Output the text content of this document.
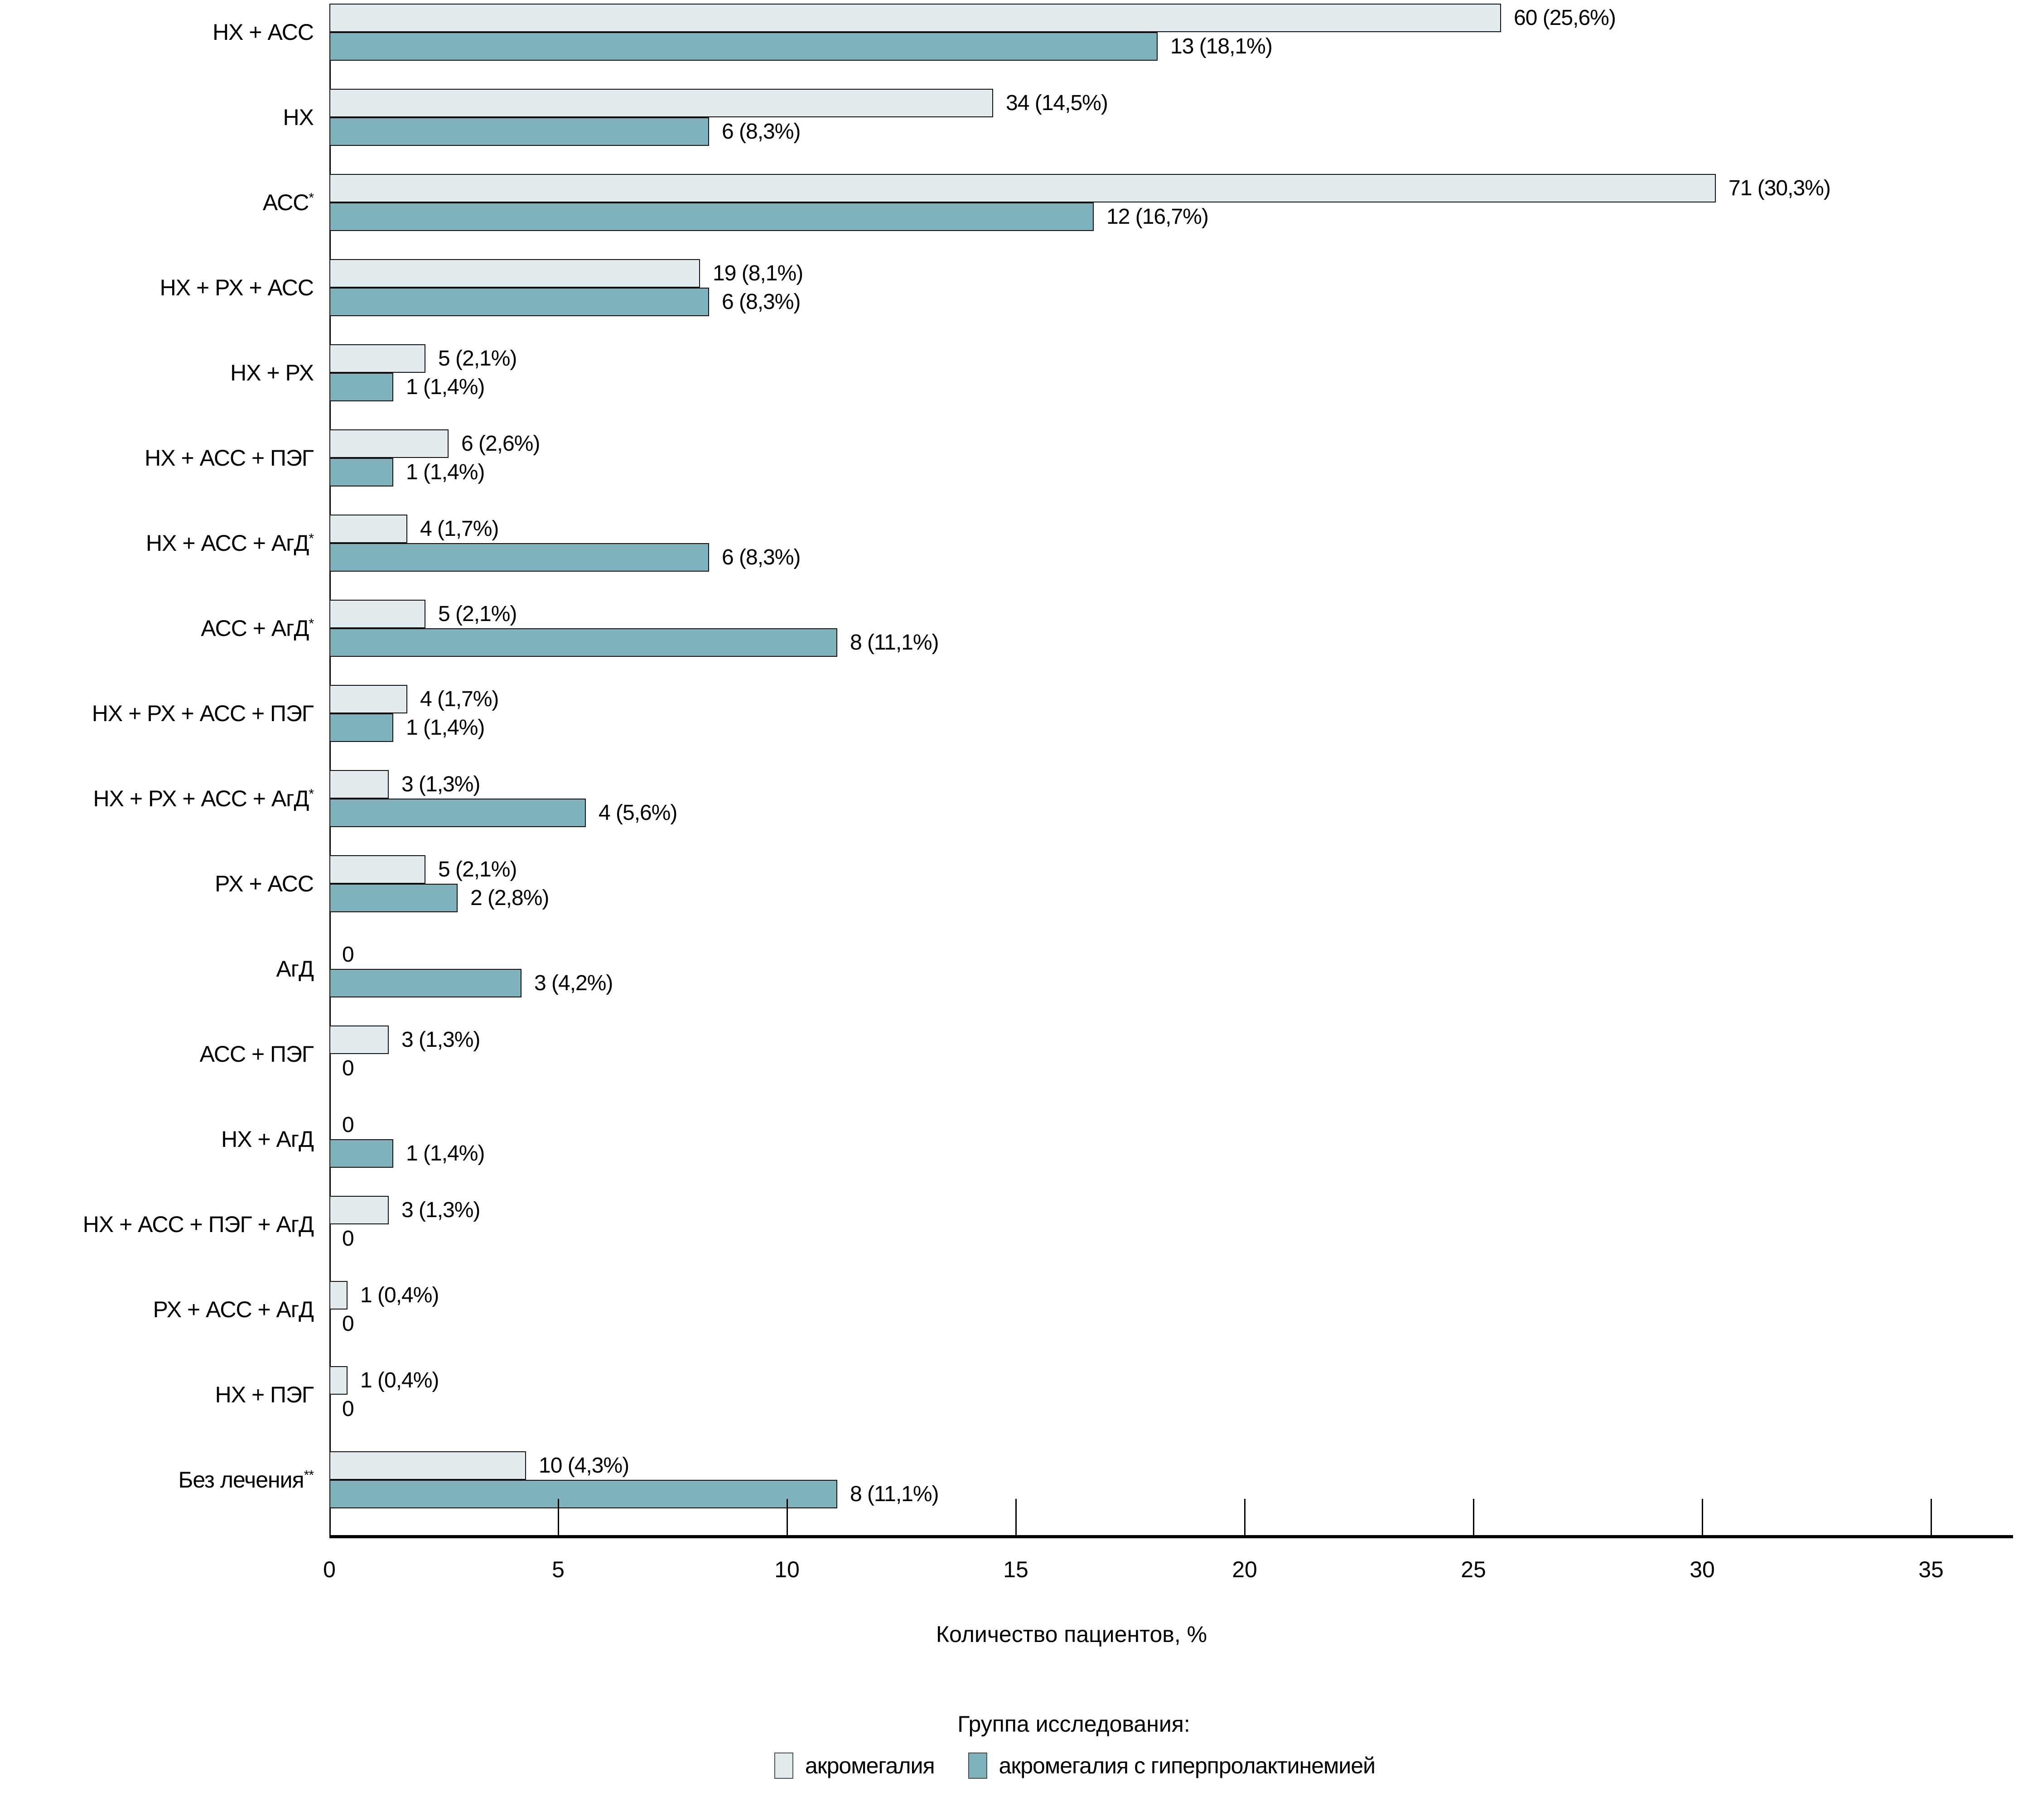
60 (25,6%)
13 (18,1%)
34 (14,5%)
6 (8,3%)
71 (30,3%)
12 (16,7%)
19 (8,1%)
6 (8,3%)
5 (2,1%)
1 (1,4%)
6 (2,6%)
1 (1,4%)
4 (1,7%)
6 (8,3%)
5 (2,1%)
8 (11,1%)
4 (1,7%)
1 (1,4%)
3 (1,3%)
4 (5,6%)
5 (2,1%)
2 (2,8%)
0
3 (4,2%)
3 (1,3%)
0
0
1 (1,4%)
3 (1,3%)
0
1 (0,4%)
0
1 (0,4%)
0
10 (4,3%)
8 (11,1%)
НХ + АСС
НХ
АСС*
НХ + РХ + АСС
НХ + РХ
НХ + АСС + ПЭГ
НХ + АСС + АгД*
АСС + АгД*
НХ + РХ + АСС + ПЭГ
НХ + РХ + АСС + АгД*
РХ + АСС
АгД
АСС + ПЭГ
НХ + АгД
НХ + АСС + ПЭГ + АгД
РХ + АСС + АгД
НХ + ПЭГ
Без лечения**
0	5	10	15	20	25	30	35
Количество пациентов, %
Группа исследования:
акромегалия	акромегалия с гиперпролактинемией
